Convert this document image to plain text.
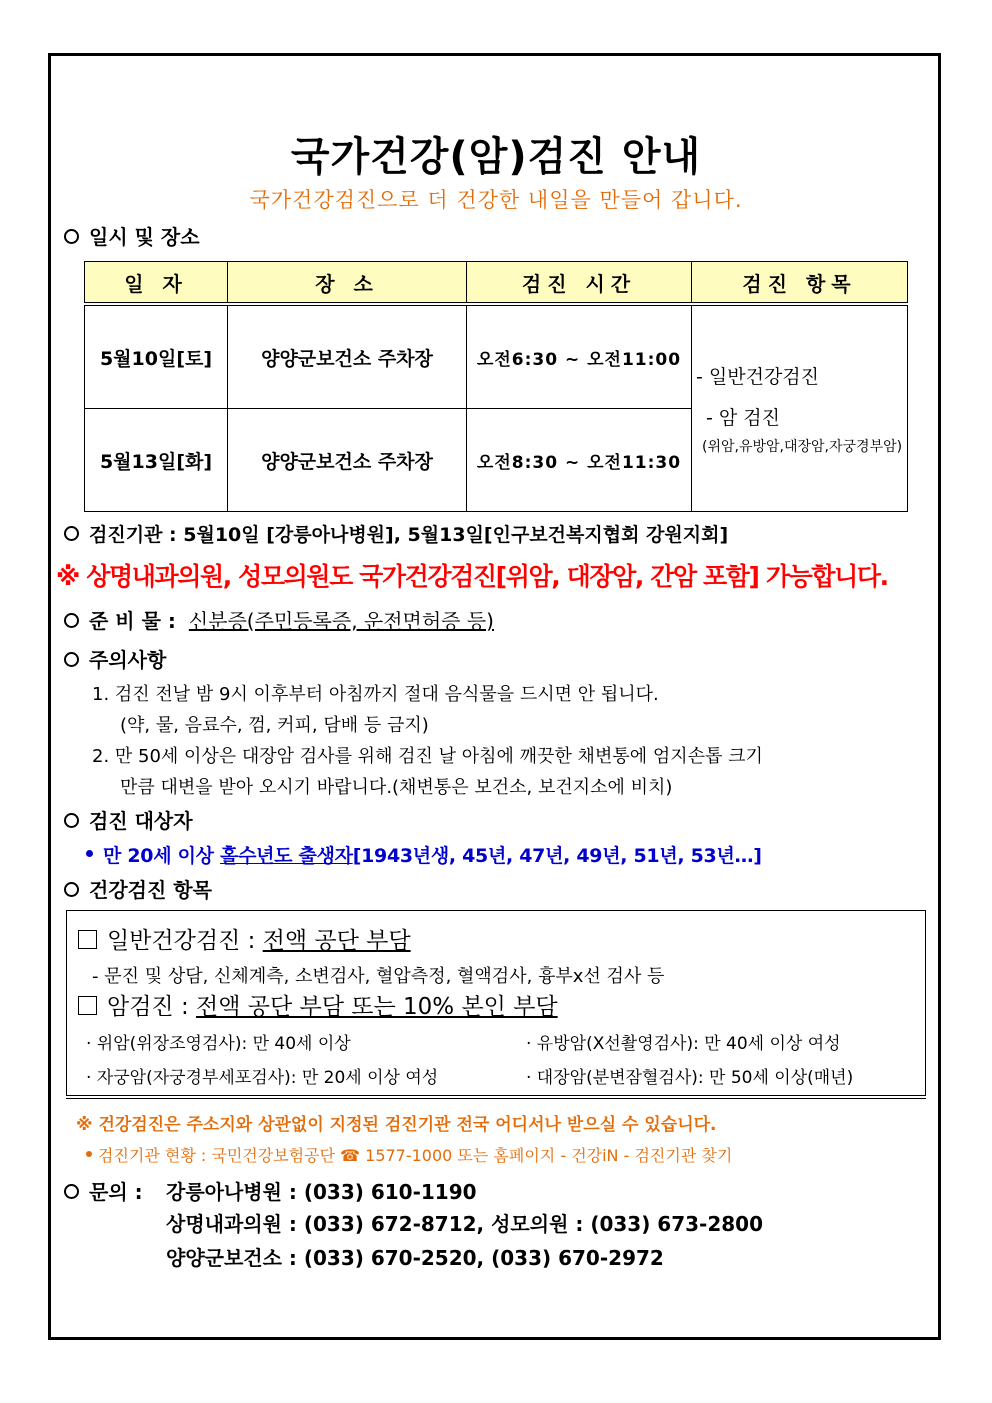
국가건강(암)검진 안내
국가건강검진으로 더 건강한 내일을 만들어 갑니다.
일시 및 장소
일 자	장 소	검진 시간	검진 항목
5월10일[토]	양양군보건소 주차장	오전6:30 ~ 오전11:00	- 일반건강검진
- 암 검진
(위암,유방암,대장암,자궁경부암)

5월13일[화]	양양군보건소 주차장	오전8:30 ~ 오전11:30	
검진기관 : 5월10일 [강릉아나병원], 5월13일[인구보건복지협회 강원지회]
※ 상명내과의원, 성모의원도 국가건강검진[위암, 대장암, 간암 포함] 가능합니다.
준 비 물 : 신분증(주민등록증, 운전면허증 등)
주의사항
1. 검진 전날 밤 9시 이후부터 아침까지 절대 음식물을 드시면 안 됩니다.
(약, 물, 음료수, 껌, 커피, 담배 등 금지)
2. 만 50세 이상은 대장암 검사를 위해 검진 날 아침에 깨끗한 채변통에 엄지손톱 크기
만큼 대변을 받아 오시기 바랍니다.(채변통은 보건소, 보건지소에 비치)
검진 대상자
만 20세 이상 홀수년도 출생자[1943년생, 45년, 47년, 49년, 51년, 53년…]
건강검진 항목
일반건강검진 : 전액 공단 부담
- 문진 및 상담, 신체계측, 소변검사, 혈압측정, 혈액검사, 흉부x선 검사 등
암검진 : 전액 공단 부담 또는 10% 본인 부담
· 위암(위장조영검사): 만 40세 이상	· 유방암(X선촬영검사): 만 40세 이상 여성
· 자궁암(자궁경부세포검사): 만 20세 이상 여성	· 대장암(분변잠혈검사): 만 50세 이상(매년)
※ 건강검진은 주소지와 상관없이 지정된 검진기관 전국 어디서나 받으실 수 있습니다.
검진기관 현황 : 국민건강보험공단 ☎ 1577-1000 또는 홈페이지 - 건강iN - 검진기관 찾기
문의 : 강릉아나병원 : (033) 610-1190
상명내과의원 : (033) 672-8712, 성모의원 : (033) 673-2800
양양군보건소 : (033) 670-2520, (033) 670-2972
